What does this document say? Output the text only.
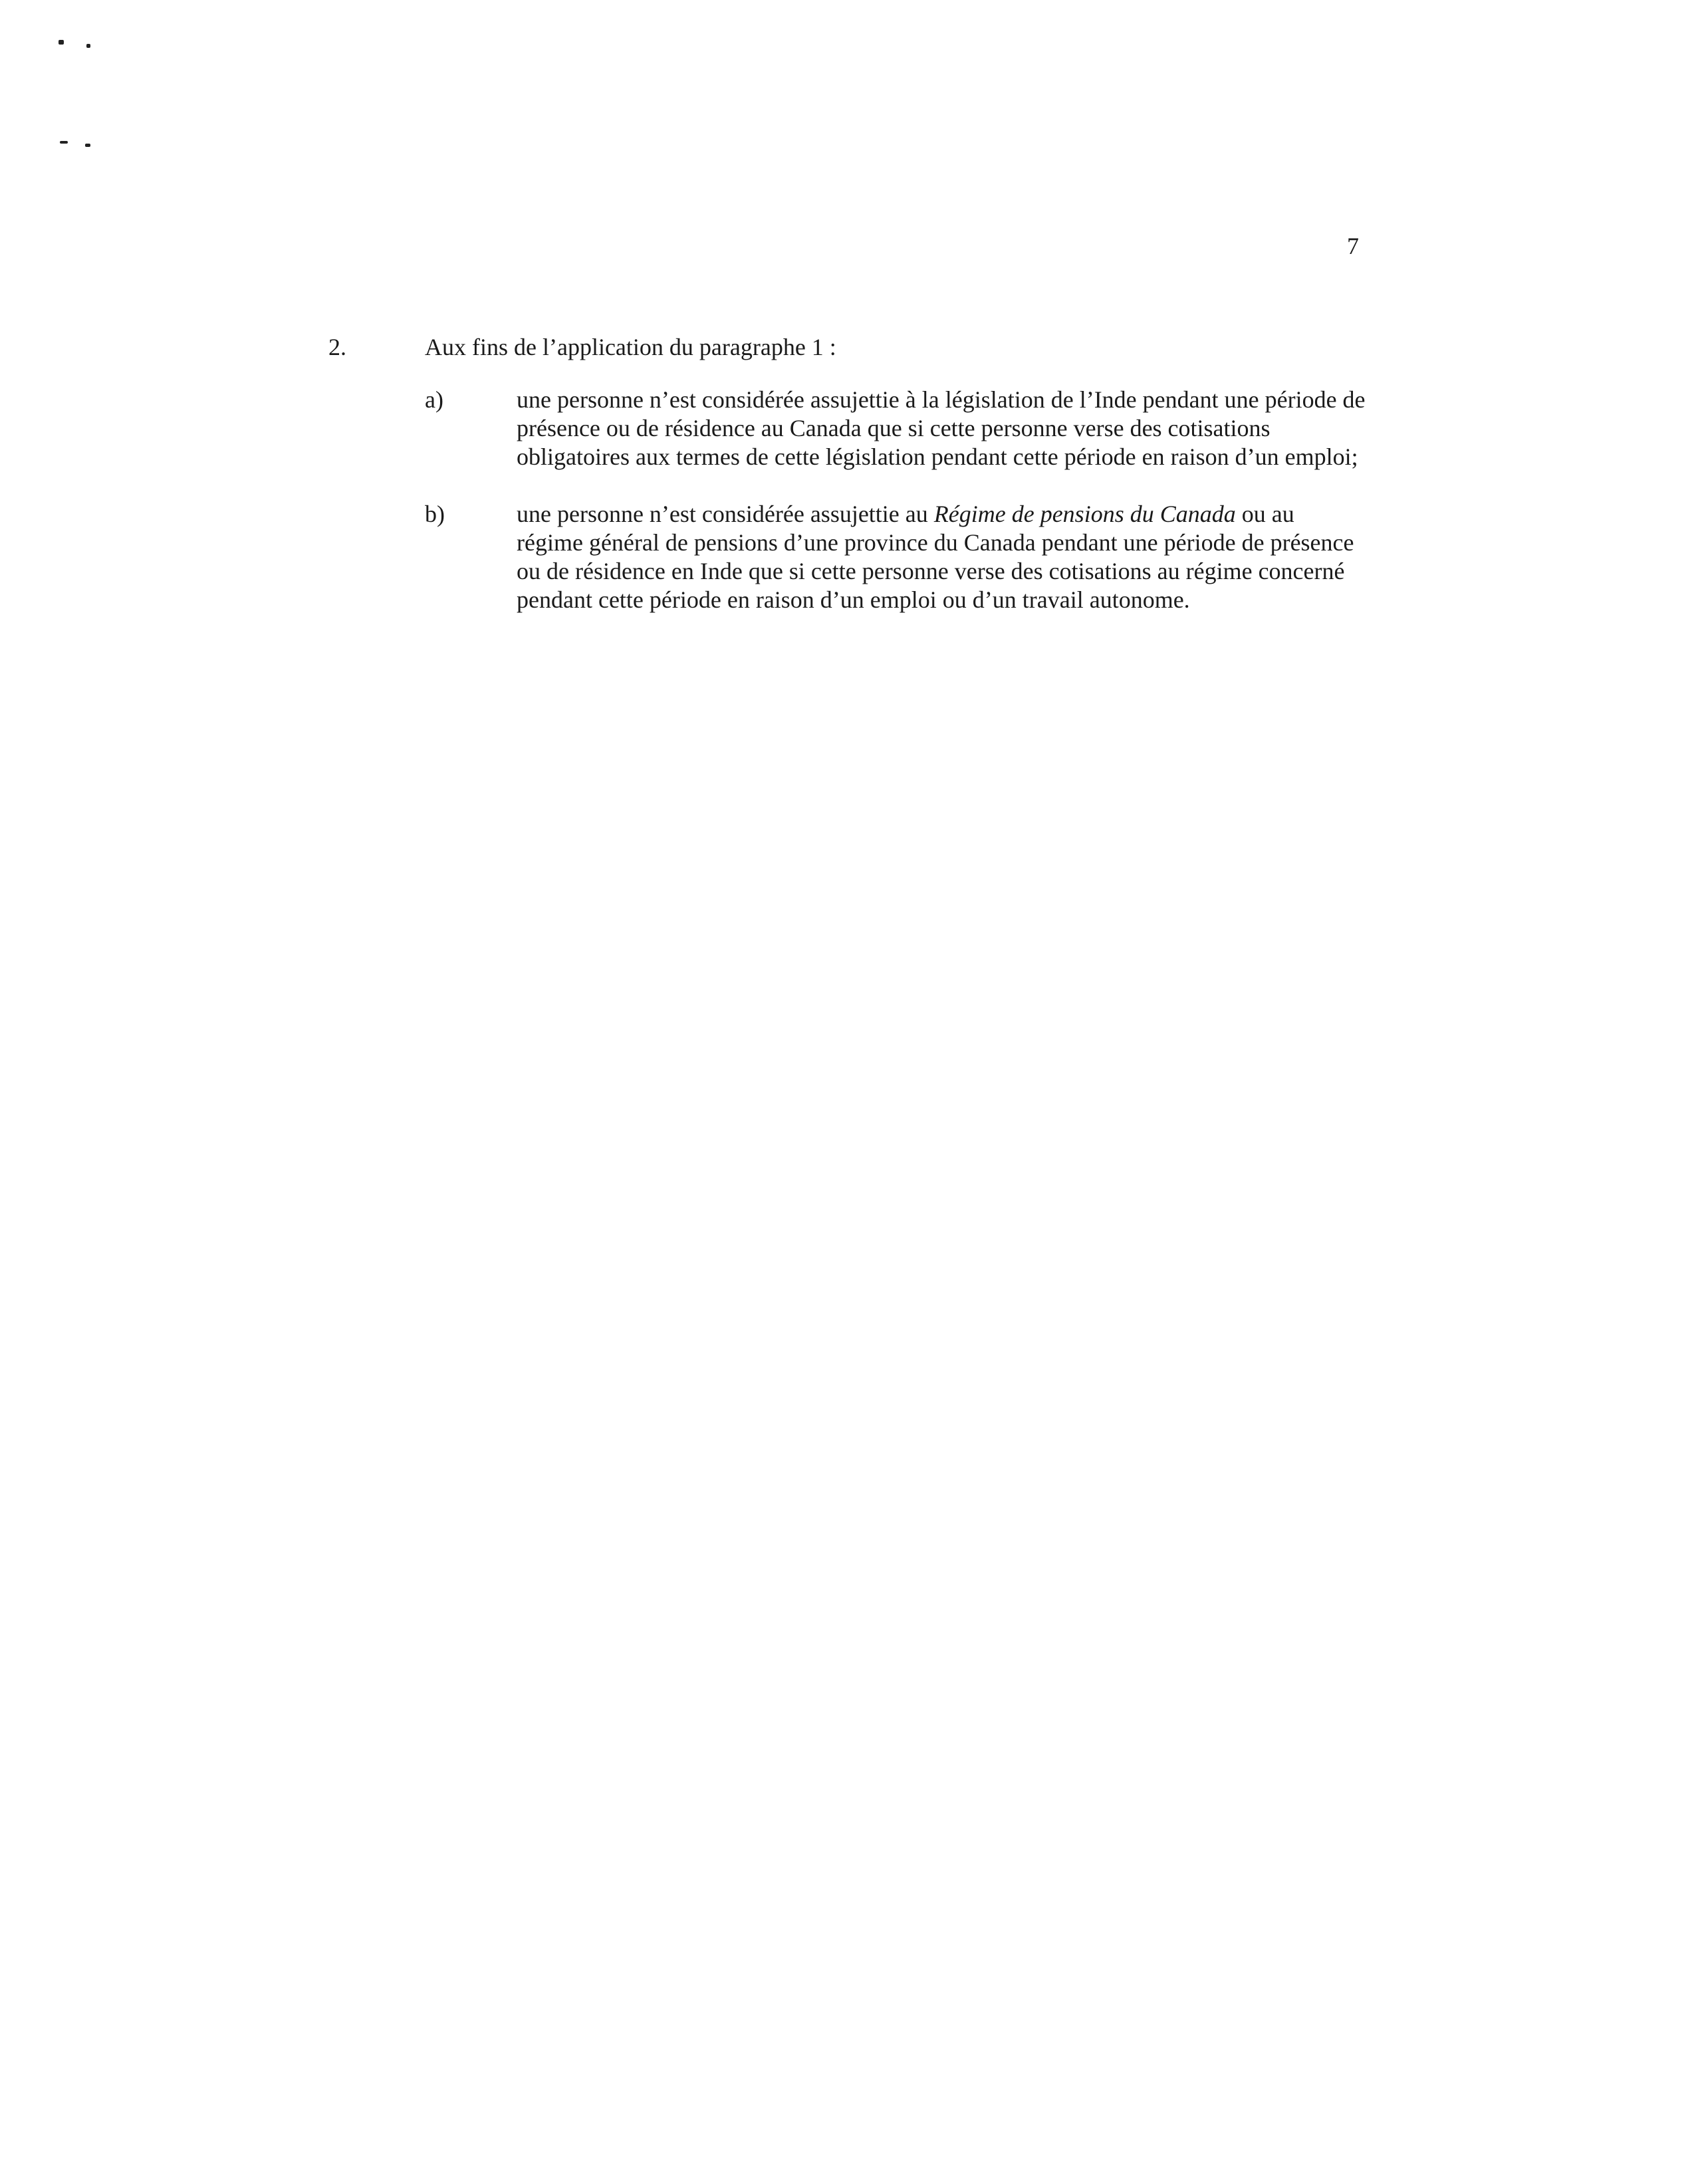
7
2.	Aux fins de l’application du paragraphe 1 :
a)	une personne n’est considérée assujettie à la législation de l’Inde pendant une période de présence ou de résidence au Canada que si cette personne verse des cotisations obligatoires aux termes de cette législation pendant cette période en raison d’un emploi;
b)	une personne n’est considérée assujettie au Régime de pensions du Canada ou au régime général de pensions d’une province du Canada pendant une période de présence ou de résidence en Inde que si cette personne verse des cotisations au régime concerné pendant cette période en raison d’un emploi ou d’un travail autonome.
